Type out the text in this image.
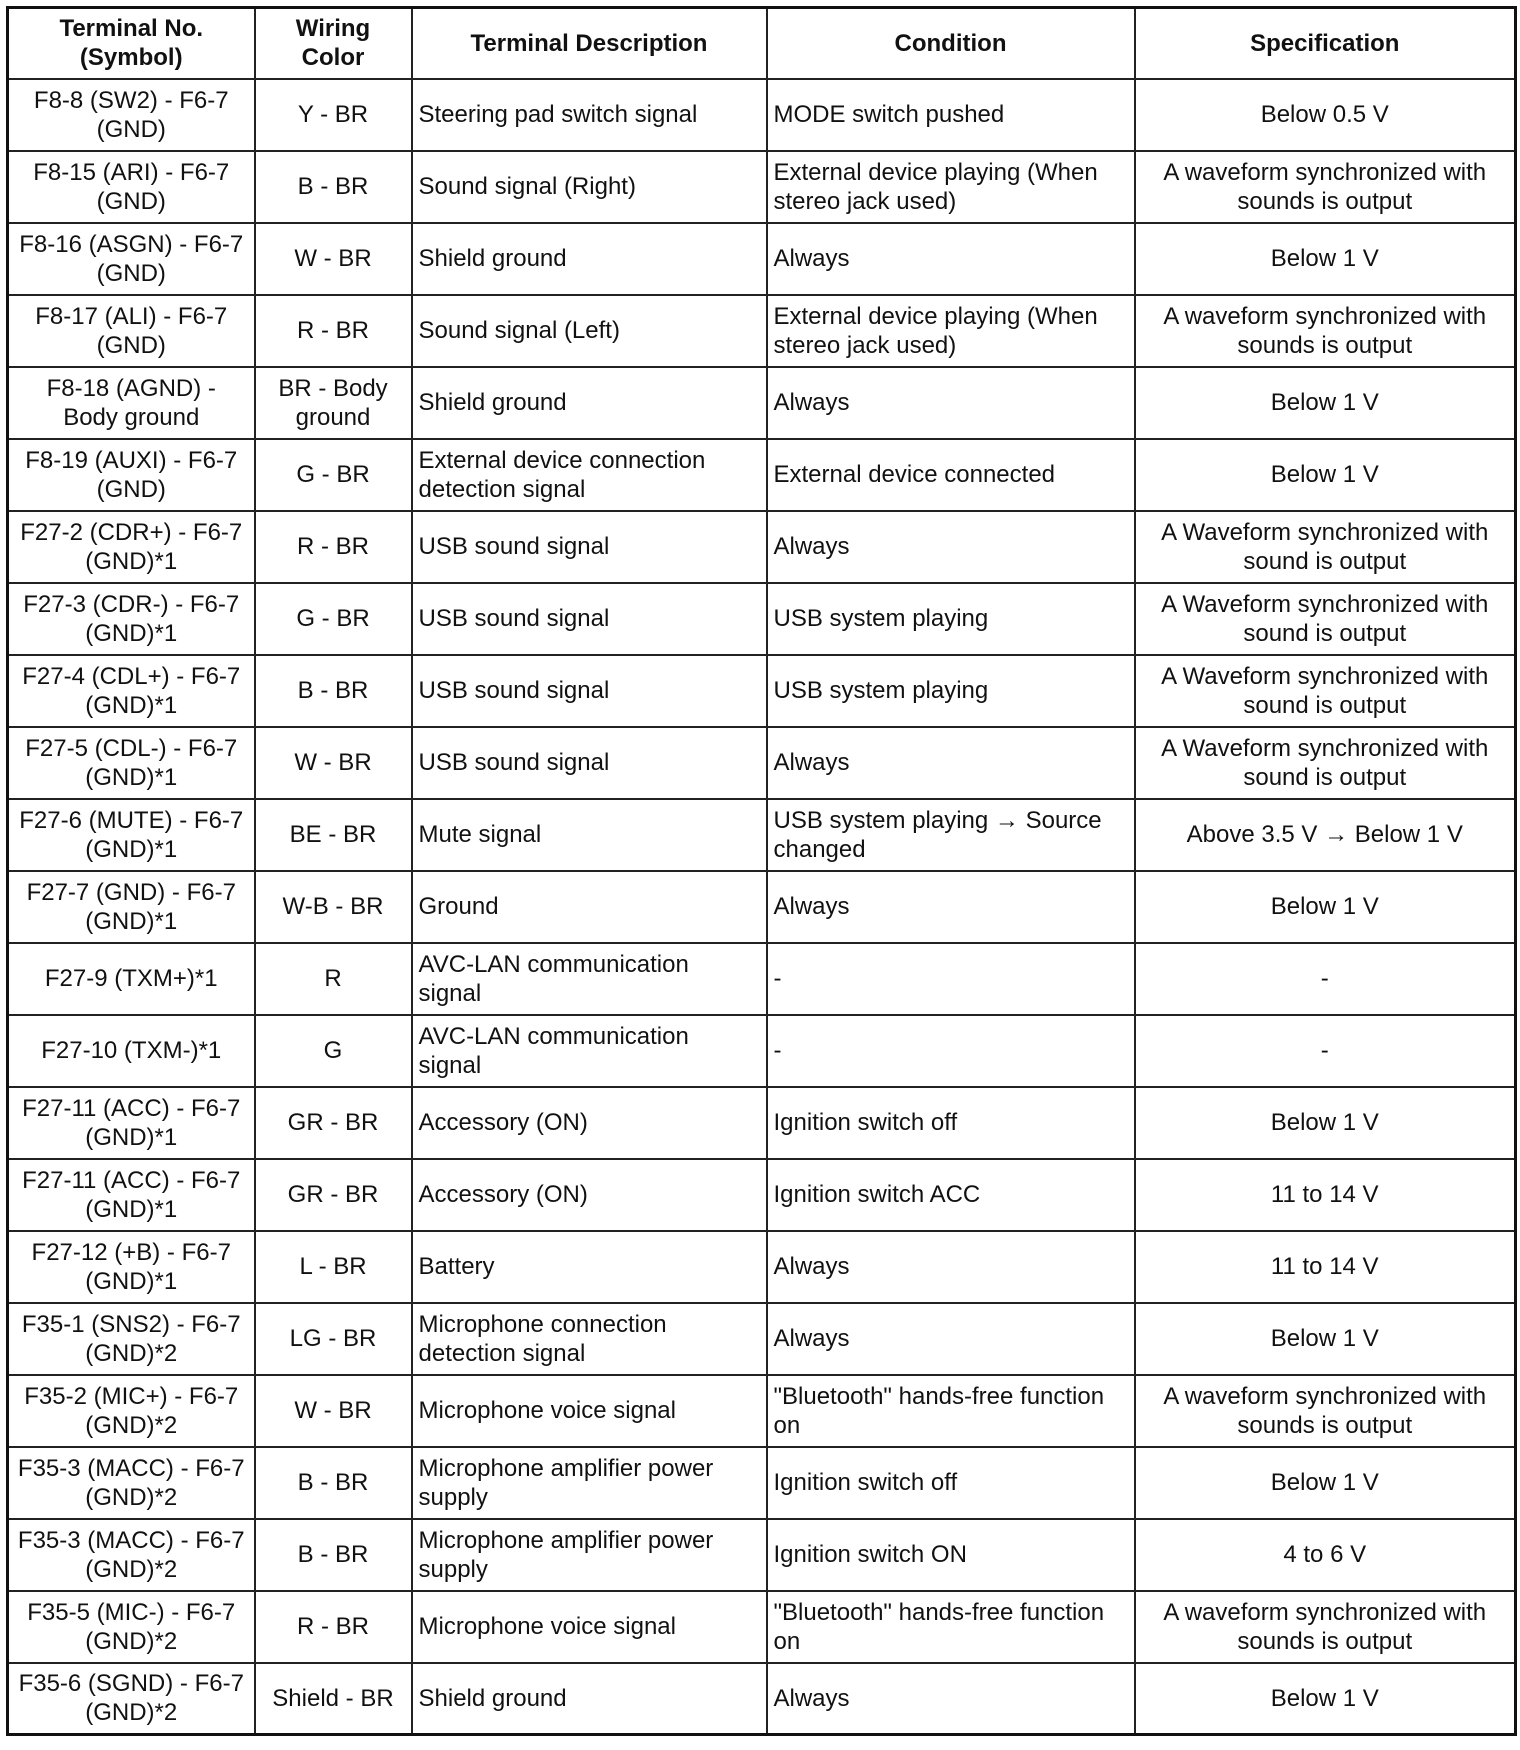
Terminal No.
(Symbol)	Wiring
Color	Terminal Description	Condition	Specification
F8-8 (SW2) - F6-7
(GND)	Y - BR	Steering pad switch signal	MODE switch pushed	Below 0.5 V
F8-15 (ARI) - F6-7
(GND)	B - BR	Sound signal (Right)	External device playing (When
stereo jack used)	A waveform synchronized with
sounds is output
F8-16 (ASGN) - F6-7
(GND)	W - BR	Shield ground	Always	Below 1 V
F8-17 (ALI) - F6-7
(GND)	R - BR	Sound signal (Left)	External device playing (When
stereo jack used)	A waveform synchronized with
sounds is output
F8-18 (AGND) -
Body ground	BR - Body
ground	Shield ground	Always	Below 1 V
F8-19 (AUXI) - F6-7
(GND)	G - BR	External device connection
detection signal	External device connected	Below 1 V
F27-2 (CDR+) - F6-7
(GND)*1	R - BR	USB sound signal	Always	A Waveform synchronized with
sound is output
F27-3 (CDR-) - F6-7
(GND)*1	G - BR	USB sound signal	USB system playing	A Waveform synchronized with
sound is output
F27-4 (CDL+) - F6-7
(GND)*1	B - BR	USB sound signal	USB system playing	A Waveform synchronized with
sound is output
F27-5 (CDL-) - F6-7
(GND)*1	W - BR	USB sound signal	Always	A Waveform synchronized with
sound is output
F27-6 (MUTE) - F6-7
(GND)*1	BE - BR	Mute signal	USB system playing → Source
changed	Above 3.5 V → Below 1 V
F27-7 (GND) - F6-7
(GND)*1	W-B - BR	Ground	Always	Below 1 V
F27-9 (TXM+)*1	R	AVC-LAN communication
signal	-	-
F27-10 (TXM-)*1	G	AVC-LAN communication
signal	-	-
F27-11 (ACC) - F6-7
(GND)*1	GR - BR	Accessory (ON)	Ignition switch off	Below 1 V
F27-11 (ACC) - F6-7
(GND)*1	GR - BR	Accessory (ON)	Ignition switch ACC	11 to 14 V
F27-12 (+B) - F6-7
(GND)*1	L - BR	Battery	Always	11 to 14 V
F35-1 (SNS2) - F6-7
(GND)*2	LG - BR	Microphone connection
detection signal	Always	Below 1 V
F35-2 (MIC+) - F6-7
(GND)*2	W - BR	Microphone voice signal	"Bluetooth" hands-free function
on	A waveform synchronized with
sounds is output
F35-3 (MACC) - F6-7
(GND)*2	B - BR	Microphone amplifier power
supply	Ignition switch off	Below 1 V
F35-3 (MACC) - F6-7
(GND)*2	B - BR	Microphone amplifier power
supply	Ignition switch ON	4 to 6 V
F35-5 (MIC-) - F6-7
(GND)*2	R - BR	Microphone voice signal	"Bluetooth" hands-free function
on	A waveform synchronized with
sounds is output
F35-6 (SGND) - F6-7
(GND)*2	Shield - BR	Shield ground	Always	Below 1 V
